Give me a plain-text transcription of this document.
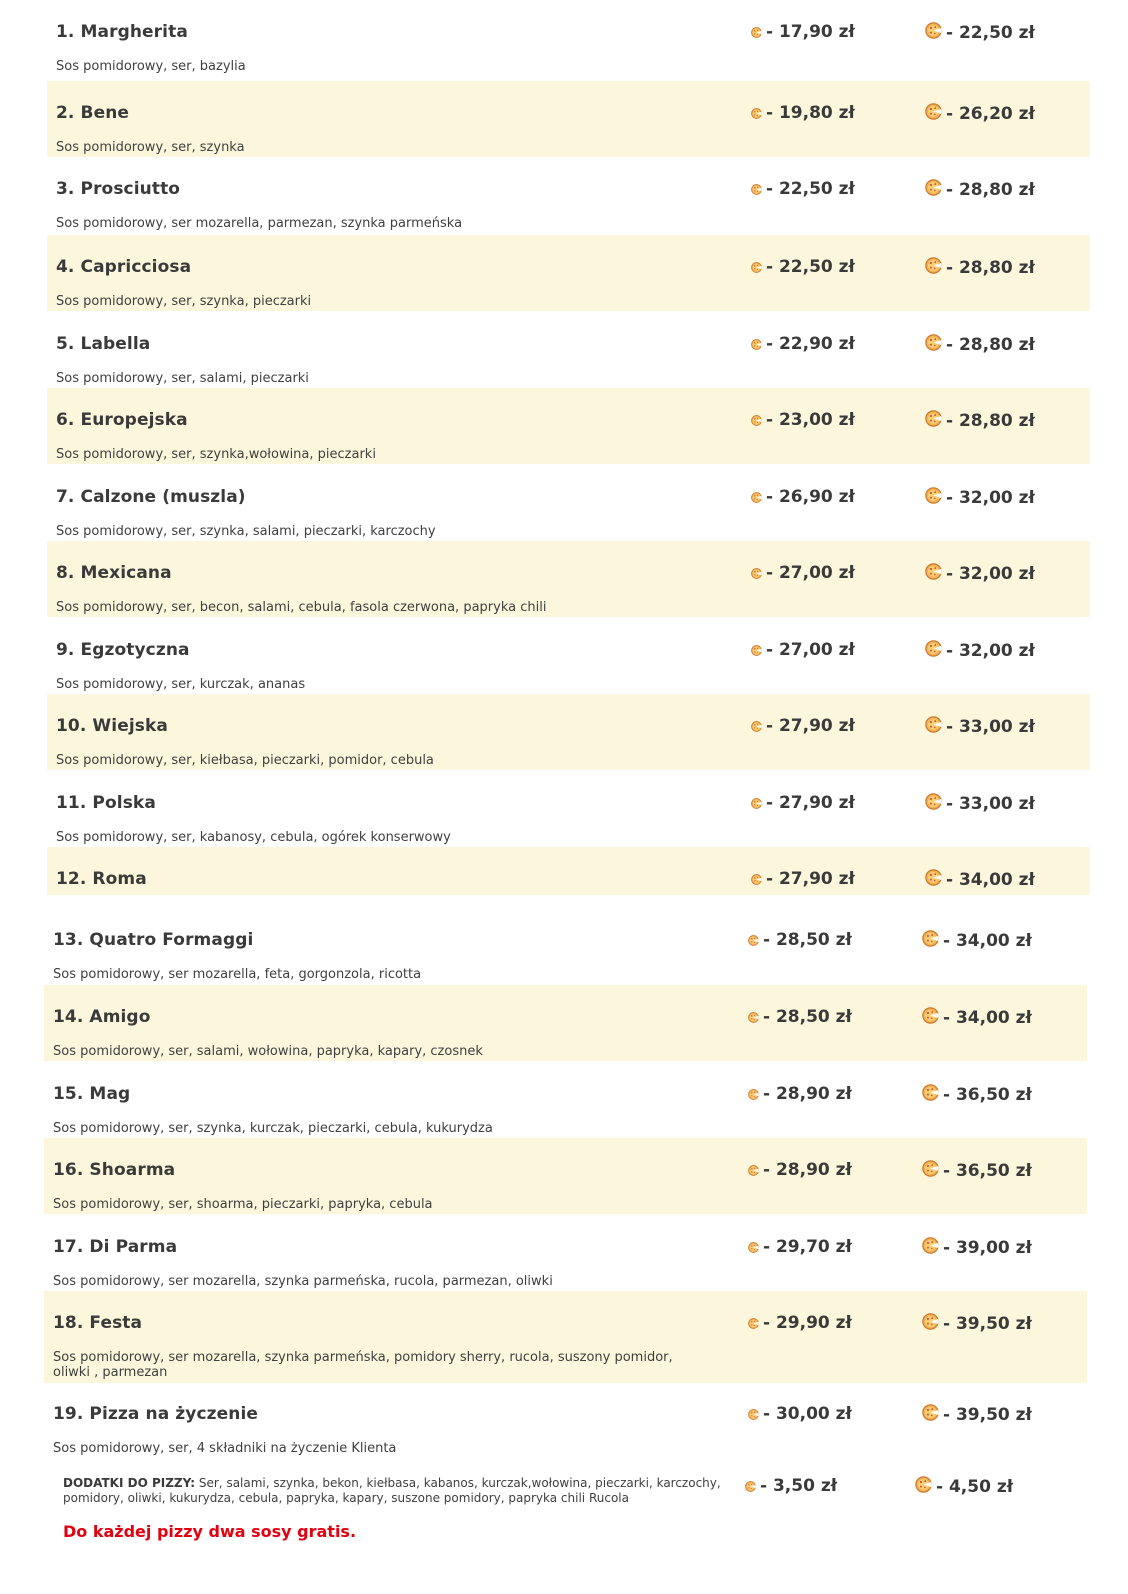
1. Margherita
Sos pomidorowy, ser, bazylia
- 17,90 zł	- 22,50 zł
2. Bene
Sos pomidorowy, ser, szynka
- 19,80 zł	- 26,20 zł
3. Prosciutto
Sos pomidorowy, ser mozarella, parmezan, szynka parmeńska
- 22,50 zł	- 28,80 zł
4. Capricciosa
Sos pomidorowy, ser, szynka, pieczarki
- 22,50 zł	- 28,80 zł
5. Labella
Sos pomidorowy, ser, salami, pieczarki
- 22,90 zł	- 28,80 zł
6. Europejska
Sos pomidorowy, ser, szynka,wołowina, pieczarki
- 23,00 zł	- 28,80 zł
7. Calzone (muszla)
Sos pomidorowy, ser, szynka, salami, pieczarki, karczochy
- 26,90 zł	- 32,00 zł
8. Mexicana
Sos pomidorowy, ser, becon, salami, cebula, fasola czerwona, papryka chili
- 27,00 zł	- 32,00 zł
9. Egzotyczna
Sos pomidorowy, ser, kurczak, ananas
- 27,00 zł	- 32,00 zł
10. Wiejska
Sos pomidorowy, ser, kiełbasa, pieczarki, pomidor, cebula
- 27,90 zł	- 33,00 zł
11. Polska
Sos pomidorowy, ser, kabanosy, cebula, ogórek konserwowy
- 27,90 zł	- 33,00 zł
12. Roma	- 27,90 zł	- 34,00 zł
13. Quatro Formaggi
Sos pomidorowy, ser mozarella, feta, gorgonzola, ricotta
- 28,50 zł	- 34,00 zł
14. Amigo
Sos pomidorowy, ser, salami, wołowina, papryka, kapary, czosnek
- 28,50 zł	- 34,00 zł
15. Mag
Sos pomidorowy, ser, szynka, kurczak, pieczarki, cebula, kukurydza
- 28,90 zł	- 36,50 zł
16. Shoarma
Sos pomidorowy, ser, shoarma, pieczarki, papryka, cebula
- 28,90 zł	- 36,50 zł
17. Di Parma
Sos pomidorowy, ser mozarella, szynka parmeńska, rucola, parmezan, oliwki
- 29,70 zł	- 39,00 zł
18. Festa
Sos pomidorowy, ser mozarella, szynka parmeńska, pomidory sherry, rucola, suszony pomidor, oliwki , parmezan
- 29,90 zł	- 39,50 zł
19. Pizza na życzenie
Sos pomidorowy, ser, 4 składniki na życzenie Klienta
- 30,00 zł	- 39,50 zł
DODATKI DO PIZZY: Ser, salami, szynka, bekon, kiełbasa, kabanos, kurczak,wołowina, pieczarki, karczochy, pomidory, oliwki, kukurydza, cebula, papryka, kapary, suszone pomidory, papryka chili Rucola
- 3,50 zł	- 4,50 zł
Do każdej pizzy dwa sosy gratis.
